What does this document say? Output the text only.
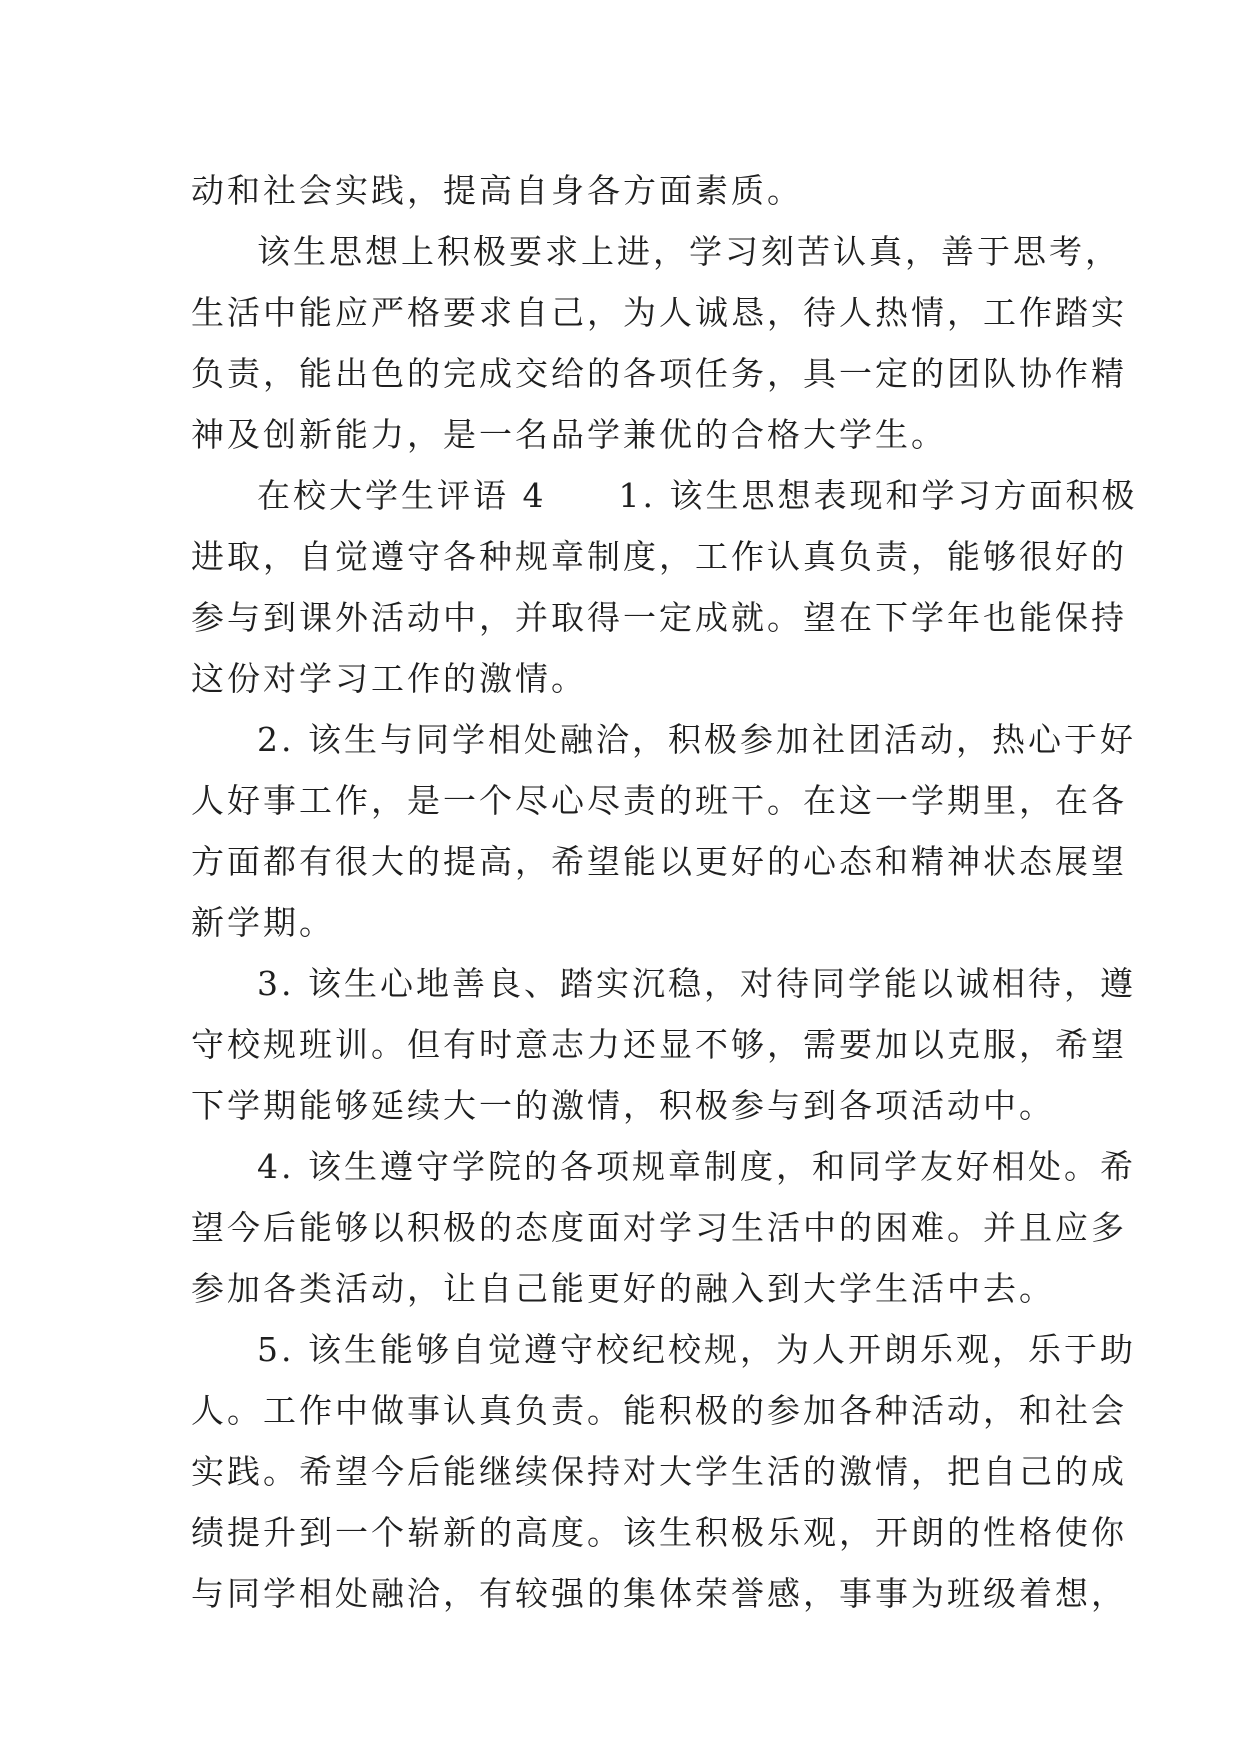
动和社会实践，提高自身各方面素质。
该生思想上积极要求上进，学习刻苦认真，善于思考，
生活中能应严格要求自己，为人诚恳，待人热情，工作踏实
负责，能出色的完成交给的各项任务，具一定的团队协作精
神及创新能力，是一名品学兼优的合格大学生。
在校大学生评语 4　　1. 该生思想表现和学习方面积极
进取，自觉遵守各种规章制度，工作认真负责，能够很好的
参与到课外活动中，并取得一定成就。望在下学年也能保持
这份对学习工作的激情。
2. 该生与同学相处融洽，积极参加社团活动，热心于好
人好事工作，是一个尽心尽责的班干。在这一学期里，在各
方面都有很大的提高，希望能以更好的心态和精神状态展望
新学期。
3. 该生心地善良、踏实沉稳，对待同学能以诚相待，遵
守校规班训。但有时意志力还显不够，需要加以克服，希望
下学期能够延续大一的激情，积极参与到各项活动中。
4. 该生遵守学院的各项规章制度，和同学友好相处。希
望今后能够以积极的态度面对学习生活中的困难。并且应多
参加各类活动，让自己能更好的融入到大学生活中去。
5. 该生能够自觉遵守校纪校规，为人开朗乐观，乐于助
人。工作中做事认真负责。能积极的参加各种活动，和社会
实践。希望今后能继续保持对大学生活的激情，把自己的成
绩提升到一个崭新的高度。该生积极乐观，开朗的性格使你
与同学相处融洽，有较强的集体荣誉感，事事为班级着想，
